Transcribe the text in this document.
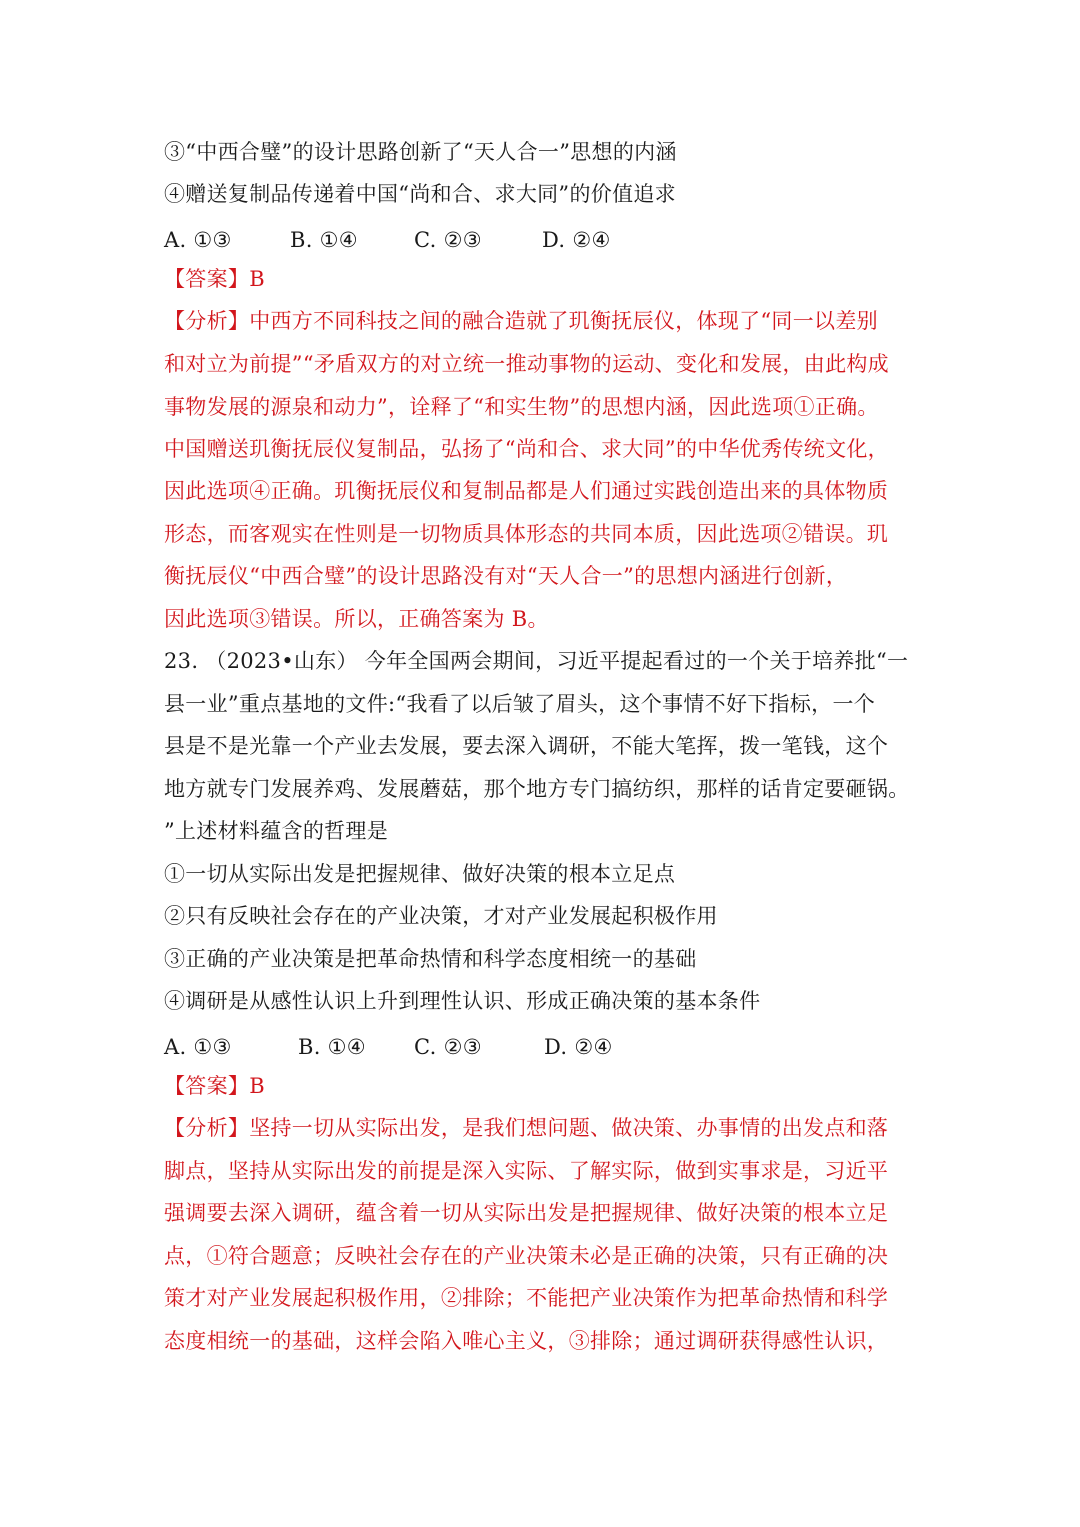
③“中西合璧”的设计思路创新了“天人合一”思想的内涵
④赠送复制品传递着中国“尚和合、求大同”的价值追求
A. ①③	B. ①④	C. ②③	D. ②④
【答案】B
【分析】中西方不同科技之间的融合造就了玑衡抚辰仪，体现了“同一以差别
和对立为前提”“矛盾双方的对立统一推动事物的运动、变化和发展，由此构成
事物发展的源泉和动力”，诠释了“和实生物”的思想内涵，因此选项①正确。
中国赠送玑衡抚辰仪复制品，弘扬了“尚和合、求大同”的中华优秀传统文化，
因此选项④正确。玑衡抚辰仪和复制品都是人们通过实践创造出来的具体物质
形态，而客观实在性则是一切物质具体形态的共同本质，因此选项②错误。玑
衡抚辰仪“中西合璧”的设计思路没有对“天人合一”的思想内涵进行创新，
因此选项③错误。所以，正确答案为 B。
23. （2023•山东） 今年全国两会期间，习近平提起看过的一个关于培养批“一
县一业”重点基地的文件:“我看了以后皱了眉头，这个事情不好下指标，一个
县是不是光靠一个产业去发展，要去深入调研，不能大笔挥，拨一笔钱，这个
地方就专门发展养鸡、发展蘑菇，那个地方专门搞纺织，那样的话肯定要砸锅。
”上述材料蕴含的哲理是
①一切从实际出发是把握规律、做好决策的根本立足点
②只有反映社会存在的产业决策，才对产业发展起积极作用
③正确的产业决策是把革命热情和科学态度相统一的基础
④调研是从感性认识上升到理性认识、形成正确决策的基本条件
A. ①③	B. ①④ C. ②③	D. ②④
【答案】B
【分析】坚持一切从实际出发，是我们想问题、做决策、办事情的出发点和落
脚点，坚持从实际出发的前提是深入实际、了解实际，做到实事求是，习近平
强调要去深入调研，蕴含着一切从实际出发是把握规律、做好决策的根本立足
点，①符合题意；反映社会存在的产业决策未必是正确的决策，只有正确的决
策才对产业发展起积极作用，②排除；不能把产业决策作为把革命热情和科学
态度相统一的基础，这样会陷入唯心主义，③排除；通过调研获得感性认识，
